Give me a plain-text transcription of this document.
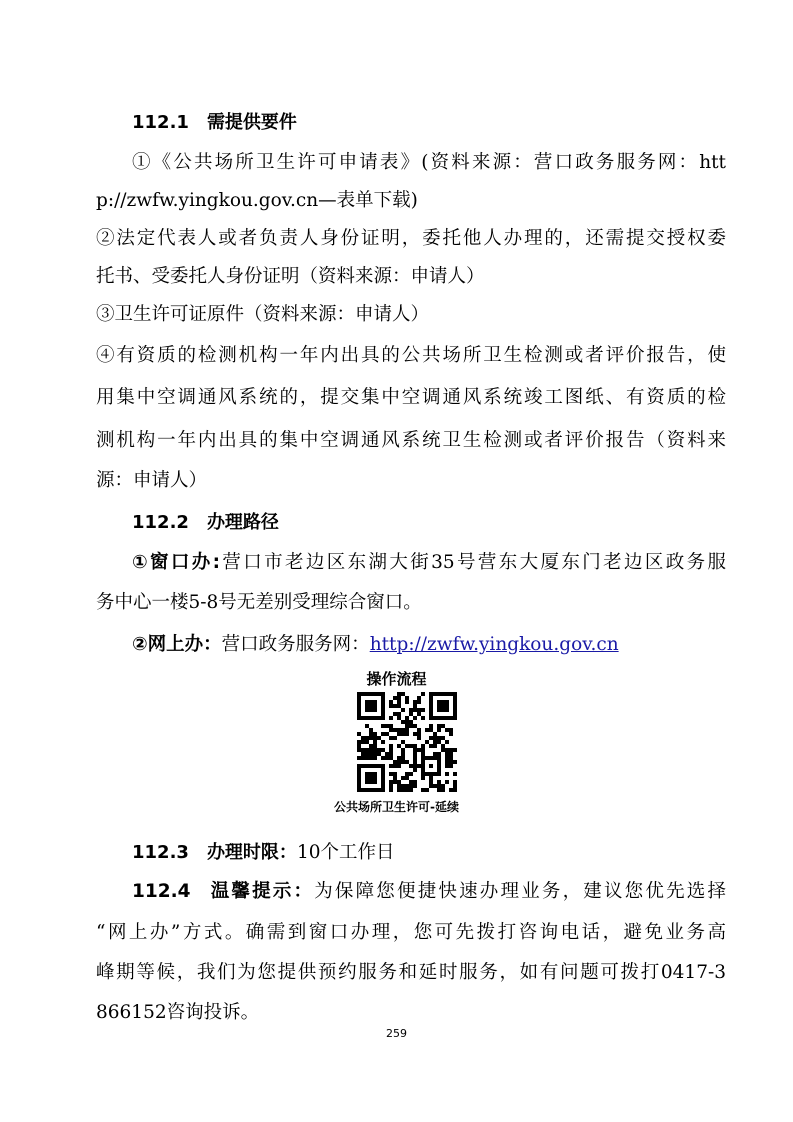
112.1 需提供要件
①《公共场所卫生许可申请表》(资料来源：营口政务服务网：htt
p://zwfw.yingkou.gov.cn—表单下载)
②法定代表人或者负责人身份证明，委托他人办理的，还需提交授权委
托书、受委托人身份证明（资料来源：申请人）
③卫生许可证原件（资料来源：申请人）
④有资质的检测机构一年内出具的公共场所卫生检测或者评价报告，使
用集中空调通风系统的，提交集中空调通风系统竣工图纸、有资质的检
测机构一年内出具的集中空调通风系统卫生检测或者评价报告（资料来
源：申请人）
112.2 办理路径
①窗口办:营口市老边区东湖大街35号营东大厦东门老边区政务服
务中心一楼5-8号无差别受理综合窗口。
②网上办：营口政务服务网：http://zwfw.yingkou.gov.cn
操作流程
公共场所卫生许可-延续
112.3 办理时限：10个工作日
112.4 温馨提示：为保障您便捷快速办理业务，建议您优先选择
“网上办”方式。确需到窗口办理，您可先拨打咨询电话，避免业务高
峰期等候，我们为您提供预约服务和延时服务，如有问题可拨打0417-3
866152咨询投诉。
259
